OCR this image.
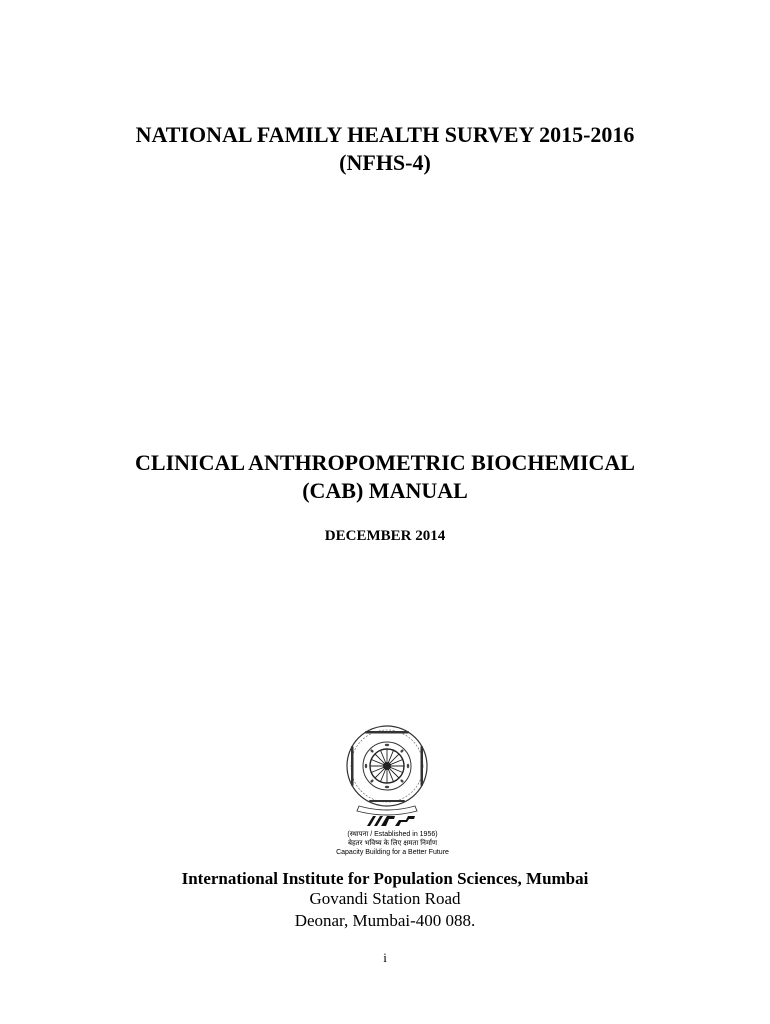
NATIONAL FAMILY HEALTH SURVEY 2015-2016
(NFHS-4)
CLINICAL ANTHROPOMETRIC BIOCHEMICAL
(CAB) MANUAL
DECEMBER 2014
(स्थापना / Established in 1956)
बेहतर भविष्य के लिए क्षमता निर्माण
Capacity Building for a Better Future
International Institute for Population Sciences, Mumbai
Govandi Station Road
Deonar, Mumbai-400 088.
i
